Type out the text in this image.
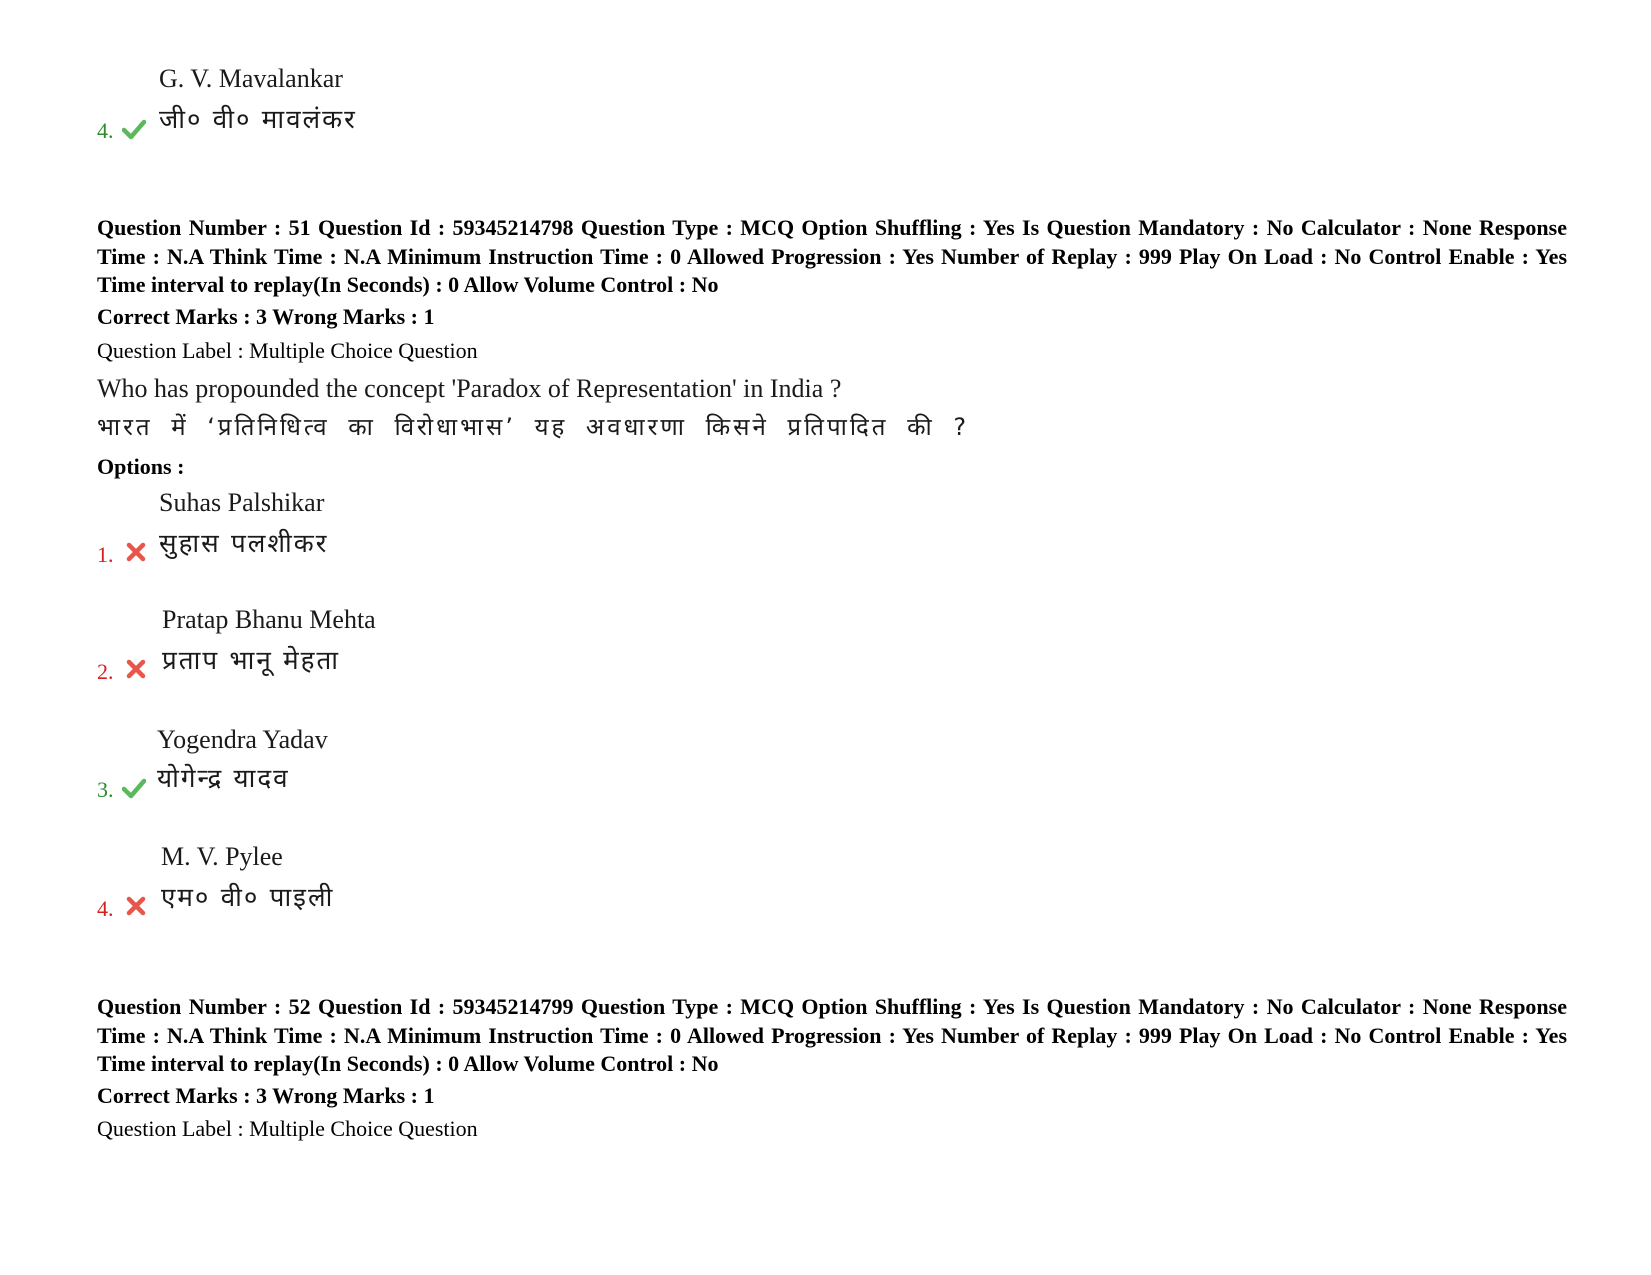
4.
G. V. Mavalankar
जी० वी० मावलंकर
Question Number : 51 Question Id : 59345214798 Question Type : MCQ Option Shuffling : Yes Is Question Mandatory : No Calculator : None Response Time : N.A Think Time : N.A Minimum Instruction Time : 0 Allowed Progression : Yes Number of Replay : 999 Play On Load : No Control Enable : Yes Time interval to replay(In Seconds) : 0 Allow Volume Control : No
Correct Marks : 3 Wrong Marks : 1
Question Label : Multiple Choice Question
Who has propounded the concept 'Paradox of Representation' in India ?
भारत में ‘प्रतिनिधित्व का विरोधाभास’ यह अवधारणा किसने प्रतिपादित की ?
Options :
1.
Suhas Palshikar
सुहास पलशीकर
2.
Pratap Bhanu Mehta
प्रताप भानू मेहता
3.
Yogendra Yadav
योगेन्द्र यादव
4.
M. V. Pylee
एम० वी० पाइली
Question Number : 52 Question Id : 59345214799 Question Type : MCQ Option Shuffling : Yes Is Question Mandatory : No Calculator : None Response Time : N.A Think Time : N.A Minimum Instruction Time : 0 Allowed Progression : Yes Number of Replay : 999 Play On Load : No Control Enable : Yes Time interval to replay(In Seconds) : 0 Allow Volume Control : No
Correct Marks : 3 Wrong Marks : 1
Question Label : Multiple Choice Question
